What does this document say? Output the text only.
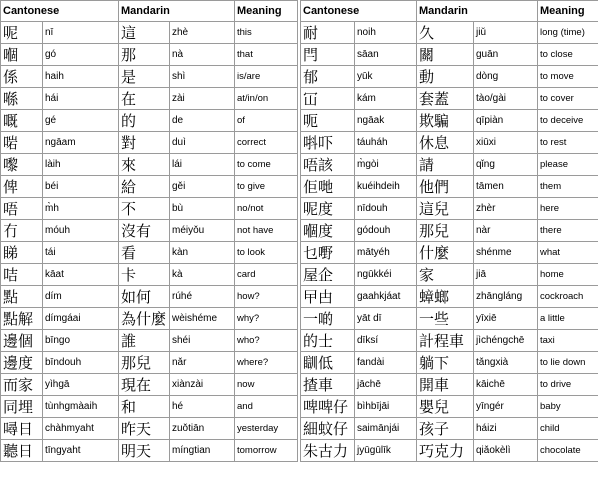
Cantonese		Mandarin		Meaning
呢	nī	這	zhè	this
嗰	gó	那	nà	that
係	haih	是	shì	is/are
喺	hái	在	zài	at/in/on
嘅	gé	的	de	of
啱	ngāam	對	duì	correct
嚟	làih	來	lái	to come
俾	béi	給	gěi	to give
唔	m̀h	不	bù	no/not
冇	móuh	沒有	méiyǒu	not have
睇	tái	看	kàn	to look
咭	kāat	卡	kà	card
點	dím	如何	rúhé	how?
點解	dímgáai	為什麼	wèishéme	why?
邊個	bīngo	誰	shéi	who?
邊度	bīndouh	那兒	nǎr	where?
而家	yìhgā	現在	xiànzài	now
同埋	tùnhgmàaih	和	hé	and
噚日	chàhmyaht	昨天	zuǒtiān	yesterday
聽日	tīngyaht	明天	míngtian	tomorrow
Cantonese		Mandarin		Meaning
耐	noih	久	jiǔ	long (time)
閂	sāan	關	guān	to close
郁	yūk	動	dòng	to move
冚	kám	套蓋	tào/gài	to cover
呃	ngāak	欺騙	qīpiàn	to deceive
唞吓	táuháh	休息	xiūxi	to rest
唔該	m̀gòi	請	qǐng	please
佢哋	kuéihdeih	他們	tāmen	them
呢度	nīdouh	這兒	zhèr	here
嗰度	gódouh	那兒	nàr	there
乜嘢	mātyéh	什麼	shénme	what
屋企	ngūkkéi	家	jiā	home
曱甴	gaahkjáat	蟑螂	zhāngláng	cockroach
一啲	yāt dī	一些	yīxiē	a little
的士	dīksí	計程車	jìchéngchē	taxi
瞓低	fandài	躺下	tǎngxià	to lie down
揸車	jāchē	開車	kāichē	to drive
啤啤仔	bìhbījāi	嬰兒	yīngér	baby
細蚊仔	saimānjái	孩子	háizi	child
朱古力	jyūgūlīk	巧克力	qiǎokèlì	chocolate
